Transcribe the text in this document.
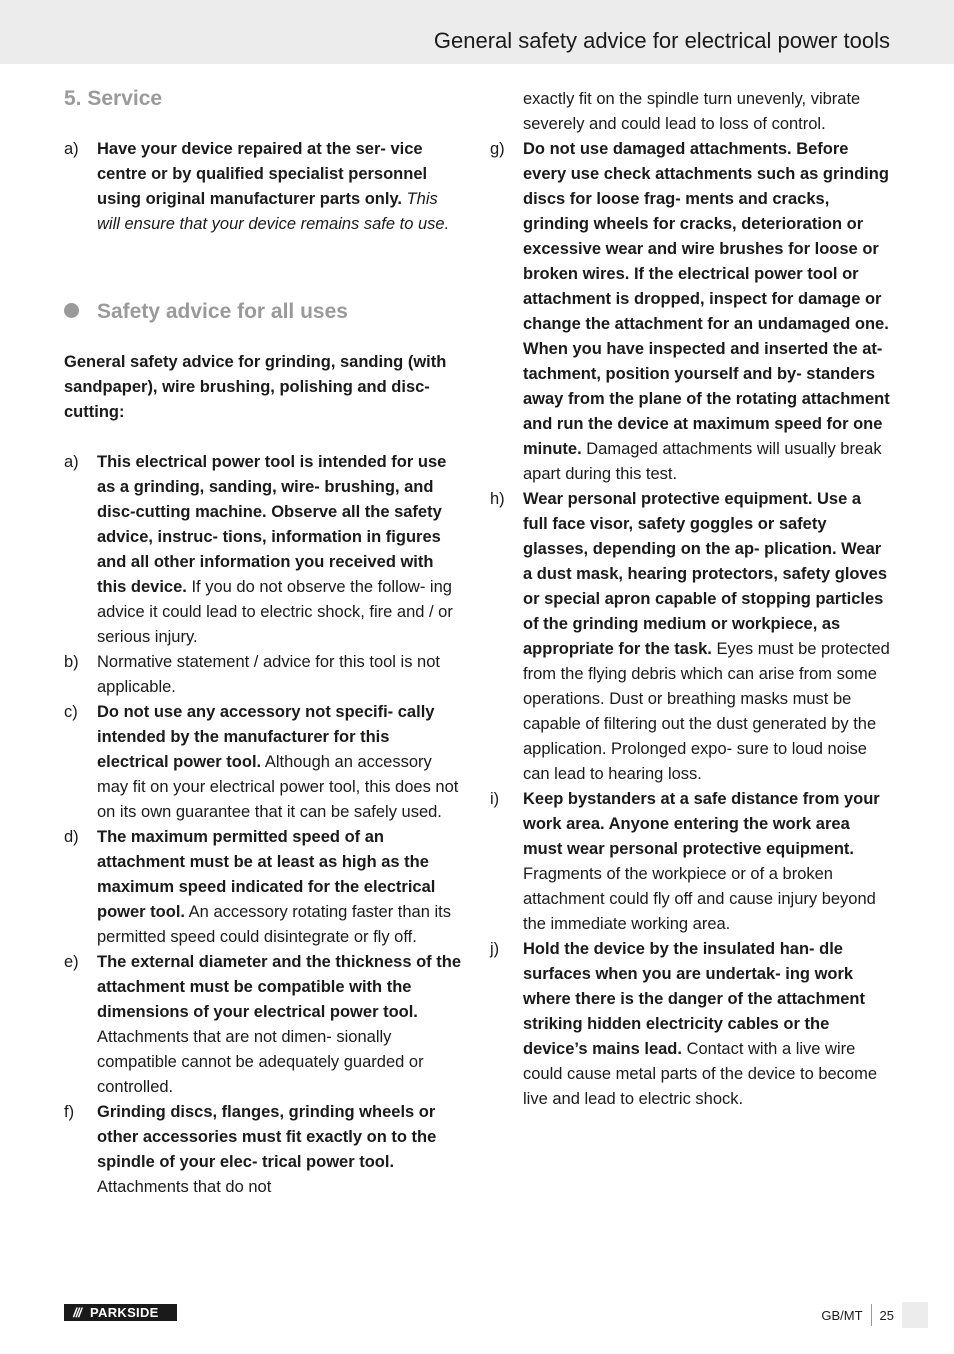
General safety advice for electrical power tools
5. Service
a) Have your device repaired at the ser- vice centre or by qualified specialist personnel using original manufacturer parts only. This will ensure that your device remains safe to use.
Safety advice for all uses
General safety advice for grinding, sanding (with sandpaper), wire brushing, polishing and disc-cutting:
a) This electrical power tool is intended for use as a grinding, sanding, wire- brushing, and disc-cutting machine. Observe all the safety advice, instruc- tions, information in figures and all other information you received with this device. If you do not observe the follow- ing advice it could lead to electric shock, fire and / or serious injury.
b) Normative statement / advice for this tool is not applicable.
c) Do not use any accessory not specifi- cally intended by the manufacturer for this electrical power tool. Although an accessory may fit on your electrical power tool, this does not on its own guarantee that it can be safely used.
d) The maximum permitted speed of an attachment must be at least as high as the maximum speed indicated for the electrical power tool. An accessory rotating faster than its permitted speed could disintegrate or fly off.
e) The external diameter and the thickness of the attachment must be compatible with the dimensions of your electrical power tool. Attachments that are not dimen- sionally compatible cannot be adequately guarded or controlled.
f) Grinding discs, flanges, grinding wheels or other accessories must fit exactly on to the spindle of your elec- trical power tool. Attachments that do not
exactly fit on the spindle turn unevenly, vibrate severely and could lead to loss of control.
g) Do not use damaged attachments. Before every use check attachments such as grinding discs for loose frag- ments and cracks, grinding wheels for cracks, deterioration or excessive wear and wire brushes for loose or broken wires. If the electrical power tool or attachment is dropped, inspect for damage or change the attachment for an undamaged one. When you have inspected and inserted the at- tachment, position yourself and by- standers away from the plane of the rotating attachment and run the device at maximum speed for one minute. Damaged attachments will usually break apart during this test.
h) Wear personal protective equipment. Use a full face visor, safety goggles or safety glasses, depending on the ap- plication. Wear a dust mask, hearing protectors, safety gloves or special apron capable of stopping particles of the grinding medium or workpiece, as appropriate for the task. Eyes must be protected from the flying debris which can arise from some operations. Dust or breathing masks must be capable of filtering out the dust generated by the application. Prolonged expo- sure to loud noise can lead to hearing loss.
i) Keep bystanders at a safe distance from your work area. Anyone entering the work area must wear personal protective equipment. Fragments of the workpiece or of a broken attachment could fly off and cause injury beyond the immediate working area.
j) Hold the device by the insulated han- dle surfaces when you are undertak- ing work where there is the danger of the attachment striking hidden electricity cables or the device’s mains lead. Contact with a live wire could cause metal parts of the device to become live and lead to electric shock.
/// PARKSIDE	GB/MT 25
